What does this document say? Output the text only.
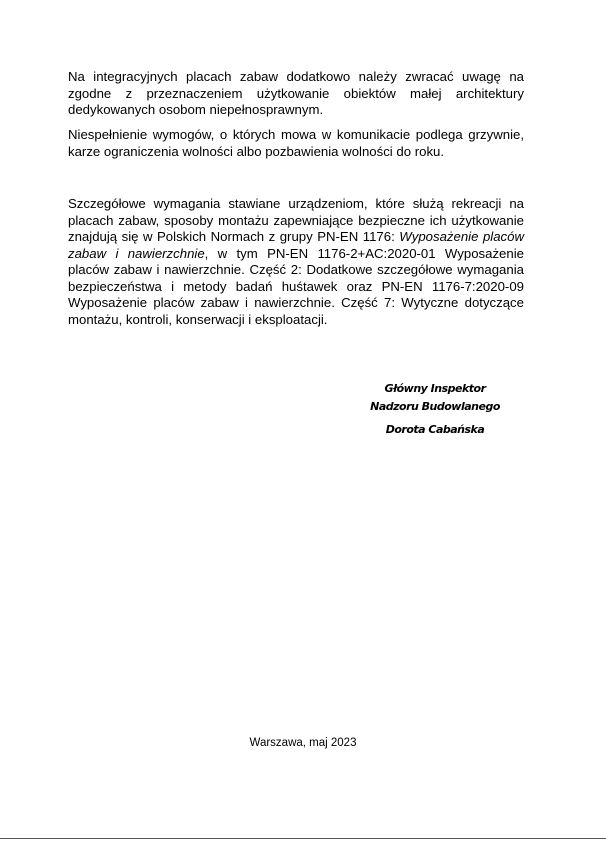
Na integracyjnych placach zabaw dodatkowo należy zwracać uwagę na zgodne z przeznaczeniem użytkowanie obiektów małej architektury dedykowanych osobom niepełnosprawnym.

Niespełnienie wymogów, o których mowa w komunikacie podlega grzywnie, karze ograniczenia wolności albo pozbawienia wolności do roku.

Szczegółowe wymagania stawiane urządzeniom, które służą rekreacji na placach zabaw, sposoby montażu zapewniające bezpieczne ich użytkowanie znajdują się w Polskich Normach z grupy PN-EN 1176: Wyposażenie placów zabaw i nawierzchnie, w tym PN-EN 1176-2+AC:2020-01 Wyposażenie placów zabaw i nawierzchnie. Część 2: Dodatkowe szczegółowe wymagania bezpieczeństwa i metody badań huśtawek oraz PN-EN 1176-7:2020-09 Wyposażenie placów zabaw i nawierzchnie. Część 7: Wytyczne dotyczące montażu, kontroli, konserwacji i eksploatacji.

Główny Inspektor
Nadzoru Budowlanego
Dorota Cabańska
Warszawa, maj 2023
